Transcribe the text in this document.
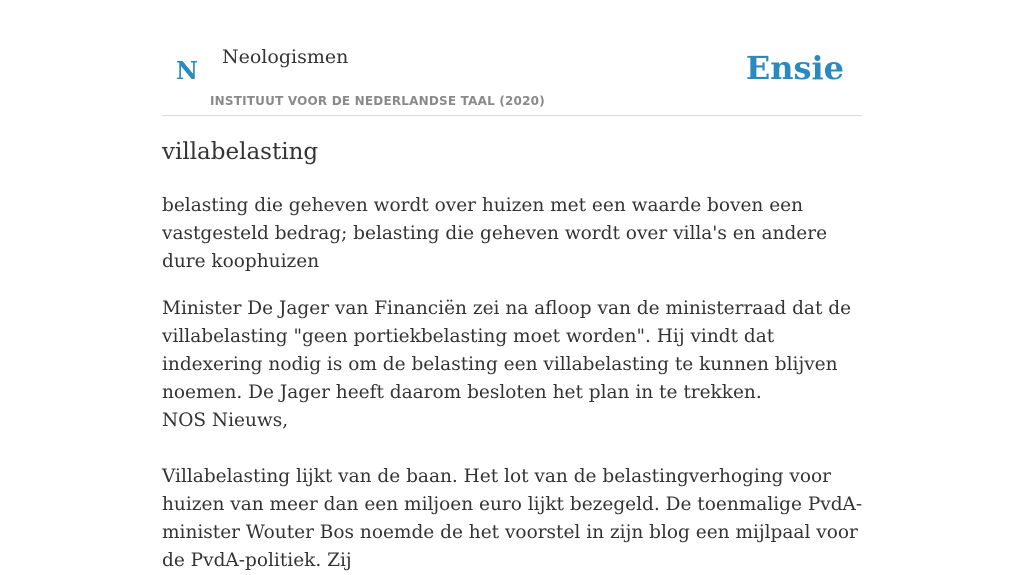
N Neologismen
INSTITUUT VOOR DE NEDERLANDSE TAAL (2020)
Ensie
villabelasting

belasting die geheven wordt over huizen met een waarde boven een vastgesteld bedrag; belasting die geheven wordt over villa's en andere dure koophuizen

Minister De Jager van Financiën zei na afloop van de ministerraad dat de villabelasting "geen portiekbelasting moet worden". Hij vindt dat indexering nodig is om de belasting een villabelasting te kunnen blijven noemen. De Jager heeft daarom besloten het plan in te trekken.

NOS Nieuws,

Villabelasting lijkt van de baan. Het lot van de belastingverhoging voor huizen van meer dan een miljoen euro lijkt bezegeld. De toenmalige PvdA-minister Wouter Bos noemde de het voorstel in zijn blog een mijlpaal voor de PvdA-politiek. Zij
